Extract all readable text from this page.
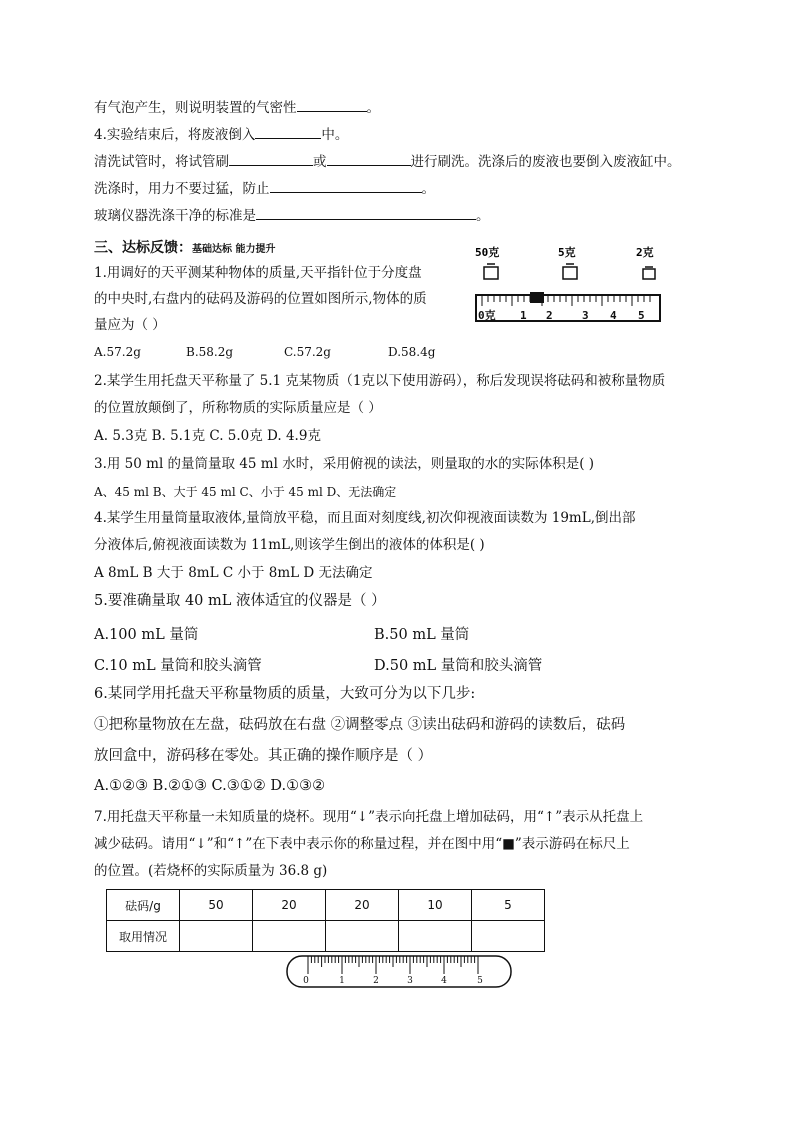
有气泡产生，则说明装置的气密性	。
4.实验结束后，将废液倒入	中。
清洗试管时，将试管刷	或	进行刷洗。洗涤后的废液也要倒入废液缸中。
洗涤时，用力不要过猛，防止	。
玻璃仪器洗涤干净的标准是	。
三、达标反馈：基础达标 能力提升
1.用调好的天平测某种物体的质量,天平指针位于分度盘
的中央时,右盘内的砝码及游码的位置如图所示,物体的质
量应为（ ）
A.57.2g	B.58.2g	C.57.2g	D.58.4g
50克	5克	2克
0克 1 2	3 4 5
2.某学生用托盘天平称量了 5.1 克某物质（1克以下使用游码），称后发现误将砝码和被称量物质
的位置放颠倒了，所称物质的实际质量应是（ ）
A. 5.3克 B. 5.1克 C. 5.0克 D. 4.9克
3.用 50 ml 的量筒量取 45 ml 水时，采用俯视的读法，则量取的水的实际体积是( )
A、45 ml B、大于 45 ml C、小于 45 ml D、无法确定
4.某学生用量筒量取液体,量筒放平稳，而且面对刻度线,初次仰视液面读数为 19mL,倒出部
分液体后,俯视液面读数为 11mL,则该学生倒出的液体的体积是( )
A 8mL B 大于 8mL C 小于 8mL D 无法确定
5.要准确量取 40 mL 液体适宜的仪器是（ ）
A.100 mL 量筒	B.50 mL 量筒
C.10 mL 量筒和胶头滴管	D.50 mL 量筒和胶头滴管
6.某同学用托盘天平称量物质的质量，大致可分为以下几步:
①把称量物放在左盘，砝码放在右盘 ②调整零点 ③读出砝码和游码的读数后，砝码
放回盒中，游码移在零处。其正确的操作顺序是（ ）
A.①②③ B.②①③ C.③①② D.①③②
7.用托盘天平称量一未知质量的烧杯。现用“↓”表示向托盘上增加砝码，用“↑”表示从托盘上
减少砝码。请用“↓”和“↑”在下表中表示你的称量过程，并在图中用“■”表示游码在标尺上
的位置。(若烧杯的实际质量为 36.8 g)
砝码/g	50	20	20	10	5
取用情况					
0	1	2	3	4	5
